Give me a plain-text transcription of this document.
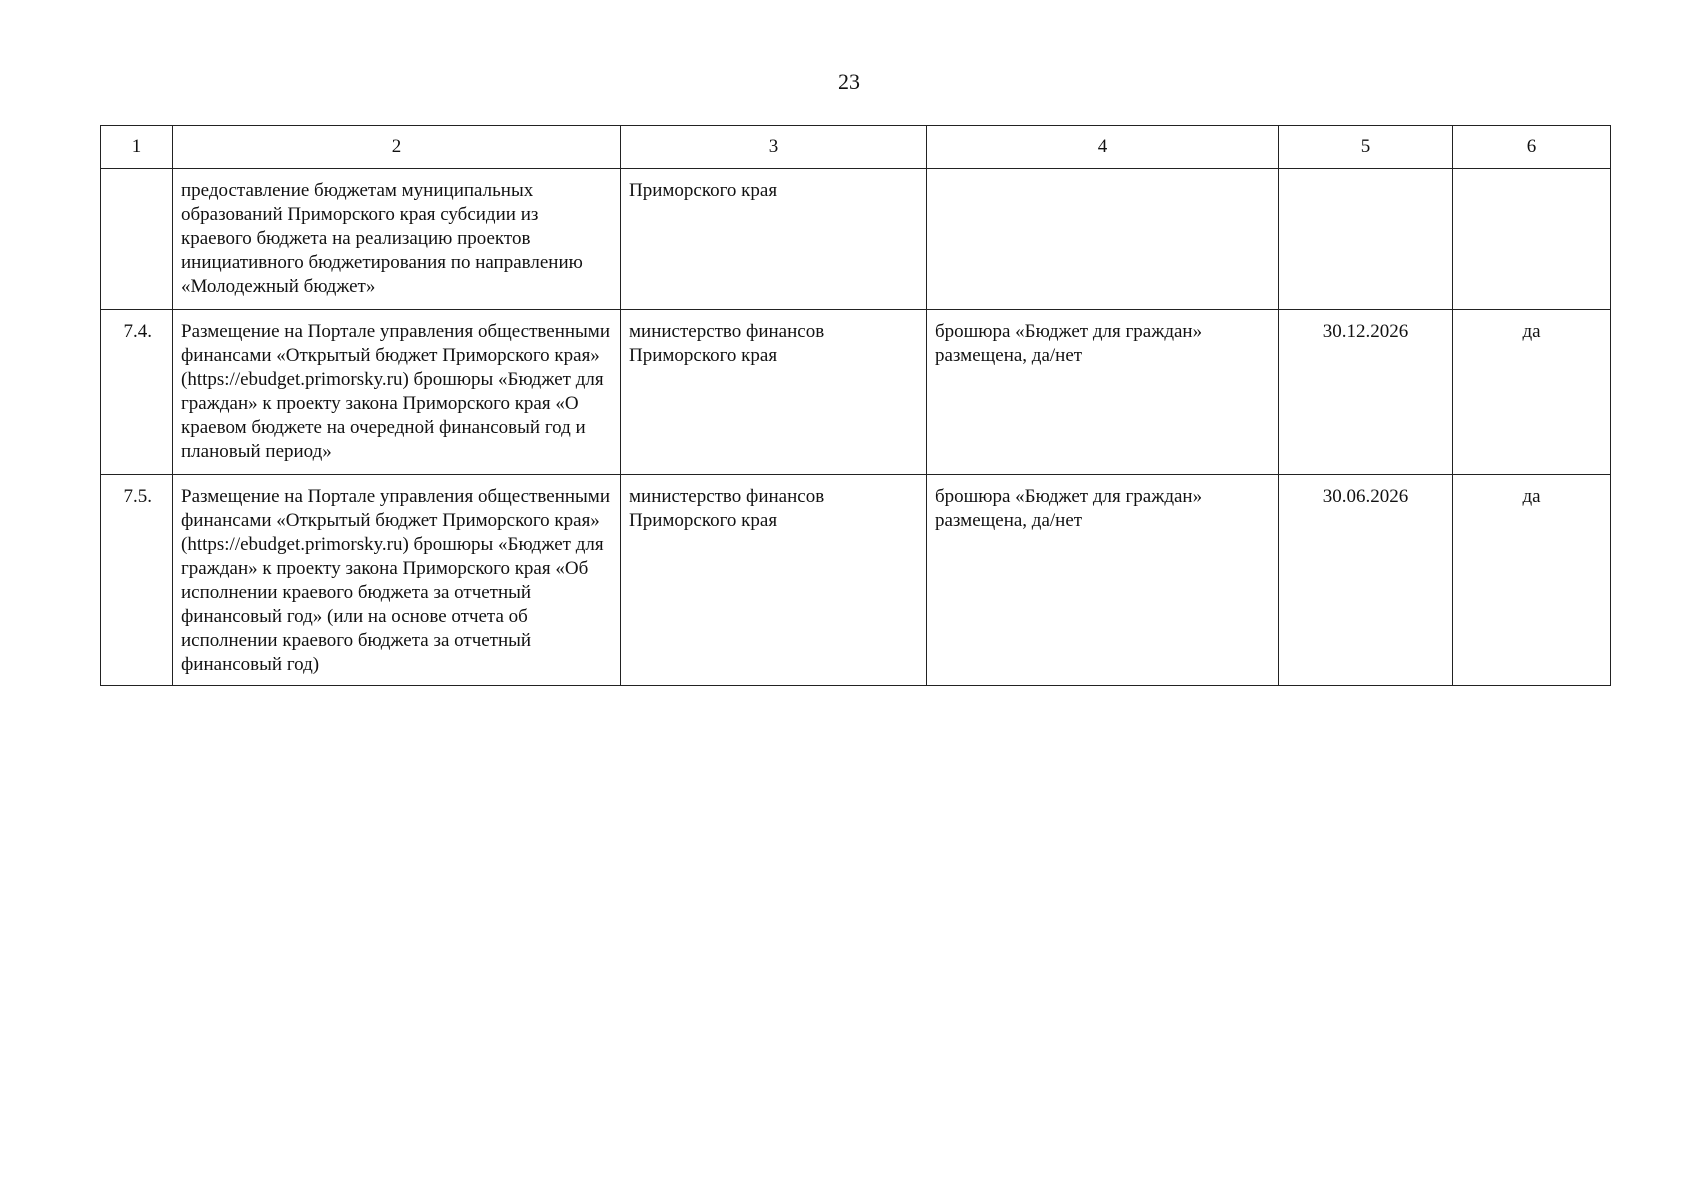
23
1	2	3	4	5	6
	предоставление бюджетам муниципальных образований Приморского края субсидии из краевого бюджета на реализацию проектов инициативного бюджетирования по направлению «Молодежный бюджет»	Приморского края			
7.4.	Размещение на Портале управления общественными финансами «Открытый бюджет Приморского края» (https://ebudget.primorsky.ru) брошюры «Бюджет для граждан» к проекту закона Приморского края «О краевом бюджете на очередной финансовый год и плановый период»	министерство финансов Приморского края	брошюра «Бюджет для граждан» размещена, да/нет	30.12.2026	да
7.5.	Размещение на Портале управления общественными финансами «Открытый бюджет Приморского края» (https://ebudget.primorsky.ru) брошюры «Бюджет для граждан» к проекту закона Приморского края «Об исполнении краевого бюджета за отчетный финансовый год» (или на основе отчета об исполнении краевого бюджета за отчетный финансовый год)	министерство финансов Приморского края	брошюра «Бюджет для граждан» размещена, да/нет	30.06.2026	да
